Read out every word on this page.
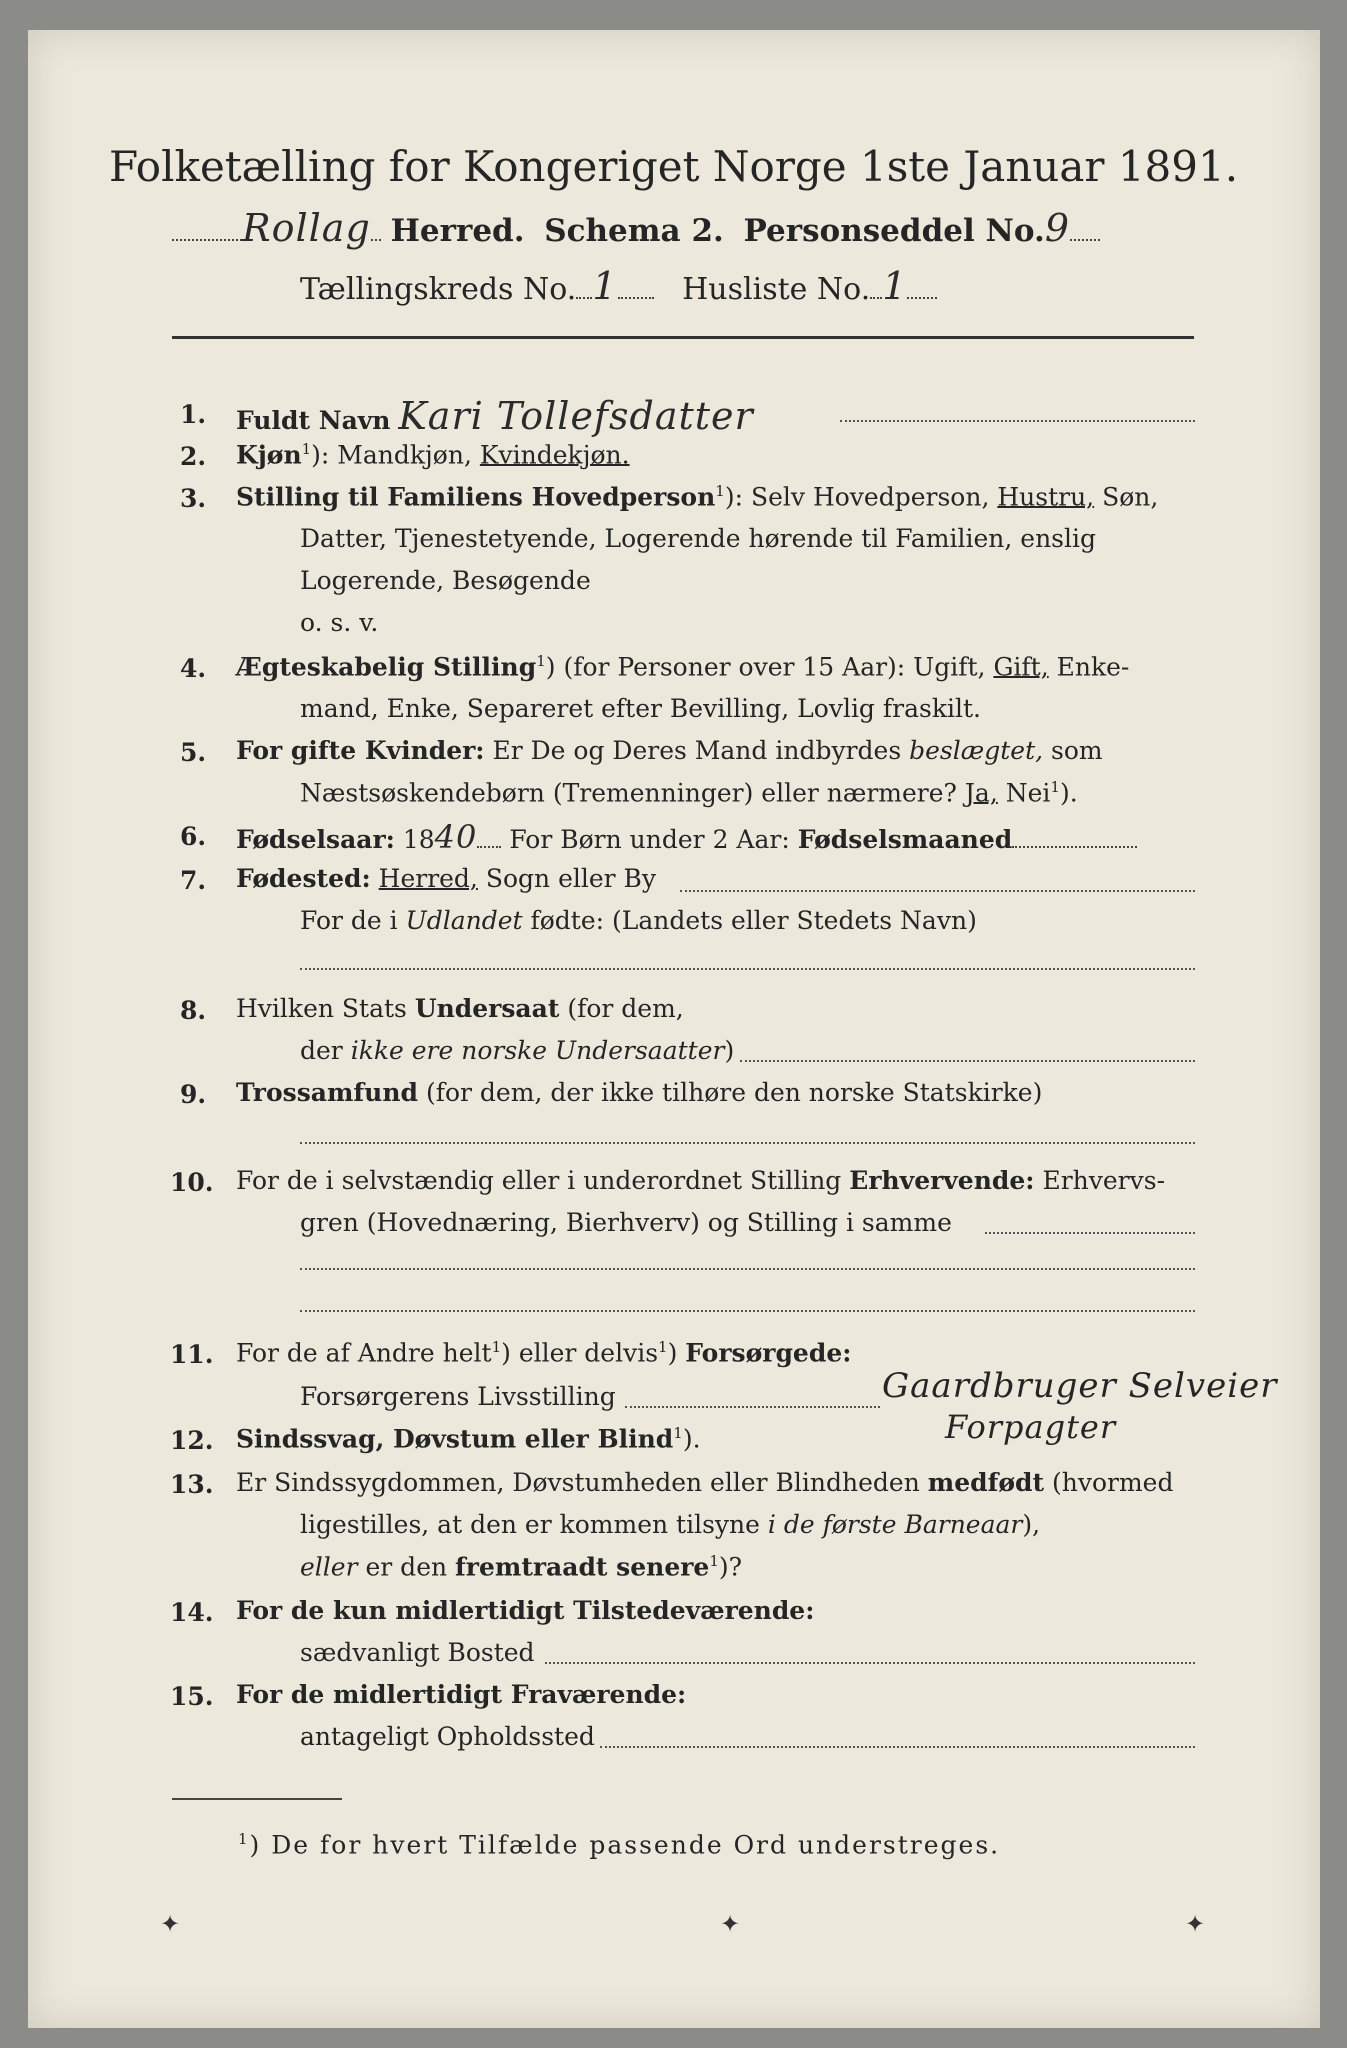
Folketælling for Kongeriget Norge 1ste Januar 1891.
Rollag Herred. Schema 2. Personseddel No.9
Tællingskreds No. 1 Husliste No. 1
1. Fuldt Navn Kari Tollefsdatter
2. Kjøn$^1$): Mandkjøn, Kvindekjøn.
3. Stilling til Familiens Hovedperson$^1$): Selv Hovedperson, Hustru, Søn,
Datter, Tjenestetyende, Logerende hørende til Familien, enslig
Logerende, Besøgende
o. s. v.
4. Ægteskabelig Stilling$^1$) (for Personer over 15 Aar): Ugift, Gift, Enke-
mand, Enke, Separeret efter Bevilling, Lovlig fraskilt.
5. For gifte Kvinder: Er De og Deres Mand indbyrdes beslægtet, som
Næstsøskendebørn (Tremenninger) eller nærmere? Ja, Nei$^1$).
6. Fødselsaar: 1840 For Børn under 2 Aar: Fødselsmaaned
7. Fødested: Herred, Sogn eller By
For de i Udlandet fødte: (Landets eller Stedets Navn)
8. Hvilken Stats Undersaat (for dem,
der ikke ere norske Undersaatter)
9. Trossamfund (for dem, der ikke tilhøre den norske Statskirke)
10. For de i selvstændig eller i underordnet Stilling Erhvervende: Erhvervs-
gren (Hovednæring, Bierhverv) og Stilling i samme
11. For de af Andre helt$^1$) eller delvis$^1$) Forsørgede:
Forsørgerens Livsstilling	Gaardbruger Selveier
Forpagter
12. Sindssvag, Døvstum eller Blind$^1$).
13. Er Sindssygdommen, Døvstumheden eller Blindheden medfødt (hvormed
ligestilles, at den er kommen tilsyne i de første Barneaar),
eller er den fremtraadt senere$^1$)?
14. For de kun midlertidigt Tilstedeværende:
sædvanligt Bosted
15. For de midlertidigt Fraværende:
antageligt Opholdssted
$^1$) De for hvert Tilfælde passende Ord understreges.
✦	✦	✦
